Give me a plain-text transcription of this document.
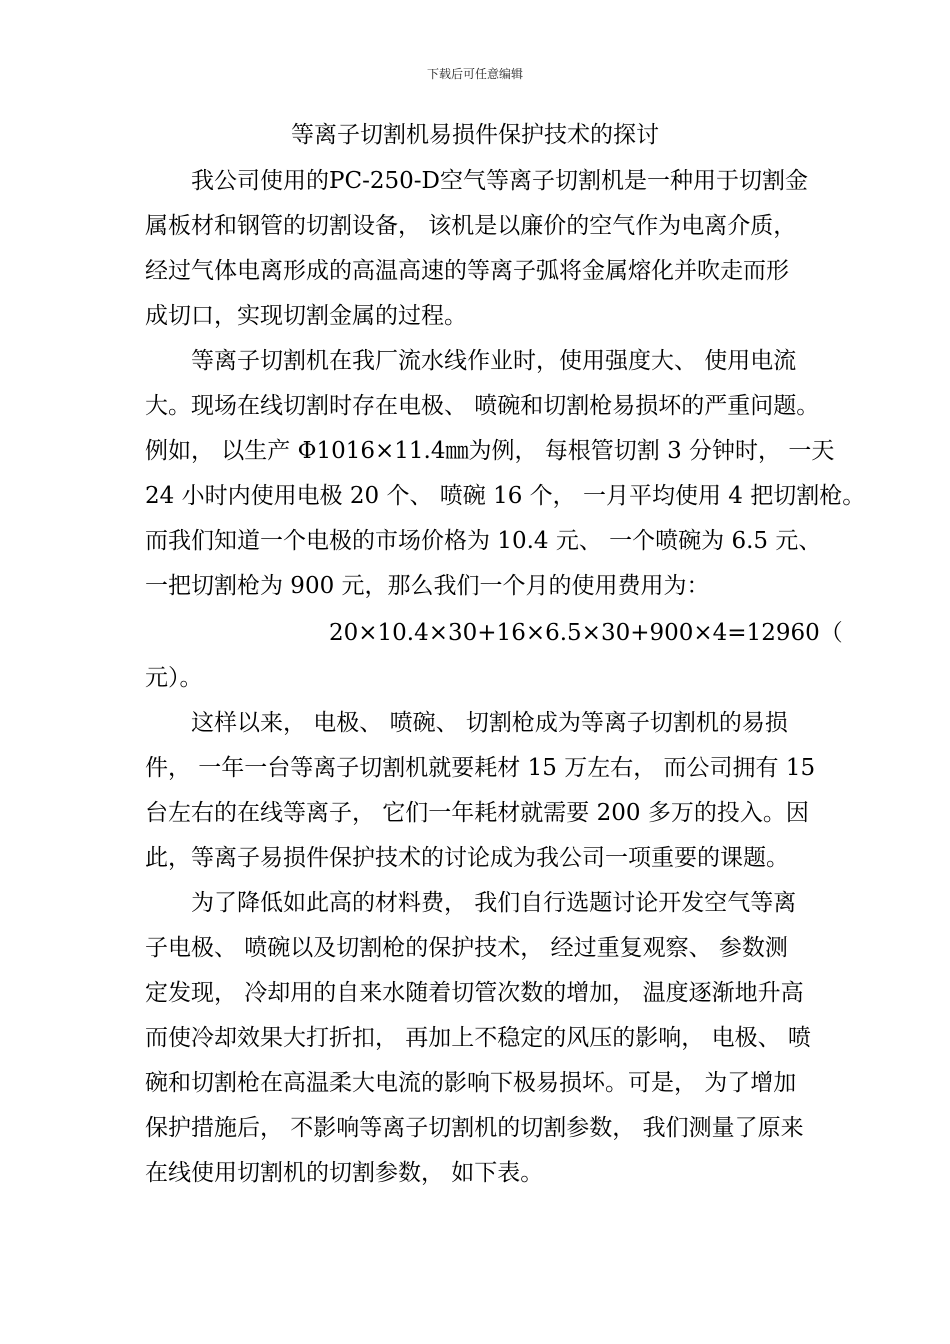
下载后可任意编辑
等离子切割机易损件保护技术的探讨
　　我公司使用的PC-250-D空气等离子切割机是一种用于切割金
属板材和钢管的切割设备， 该机是以廉价的空气作为电离介质，
经过气体电离形成的高温高速的等离子弧将金属熔化并吹走而形
成切口，实现切割金属的过程。
　　等离子切割机在我厂流水线作业时，使用强度大、 使用电流
大。现场在线切割时存在电极、 喷碗和切割枪易损坏的严重问题。
例如， 以生产 Φ1016×11.4㎜为例， 每根管切割 3 分钟时， 一天
24 小时内使用电极 20 个、 喷碗 16 个， 一月平均使用 4 把切割枪。
而我们知道一个电极的市场价格为 10.4 元、 一个喷碗为 6.5 元、
一把切割枪为 900 元，那么我们一个月的使用费用为：
　　　　　　　　20×10.4×30+16×6.5×30+900×4=12960（
元）。
　　这样以来， 电极、 喷碗、 切割枪成为等离子切割机的易损
件， 一年一台等离子切割机就要耗材 15 万左右， 而公司拥有 15
台左右的在线等离子， 它们一年耗材就需要 200 多万的投入。因
此，等离子易损件保护技术的讨论成为我公司一项重要的课题。
　　为了降低如此高的材料费， 我们自行选题讨论开发空气等离
子电极、 喷碗以及切割枪的保护技术， 经过重复观察、 参数测
定发现， 冷却用的自来水随着切管次数的增加， 温度逐渐地升高
而使冷却效果大打折扣， 再加上不稳定的风压的影响， 电极、 喷
碗和切割枪在高温柔大电流的影响下极易损坏。可是， 为了增加
保护措施后， 不影响等离子切割机的切割参数， 我们测量了原来
在线使用切割机的切割参数， 如下表。
